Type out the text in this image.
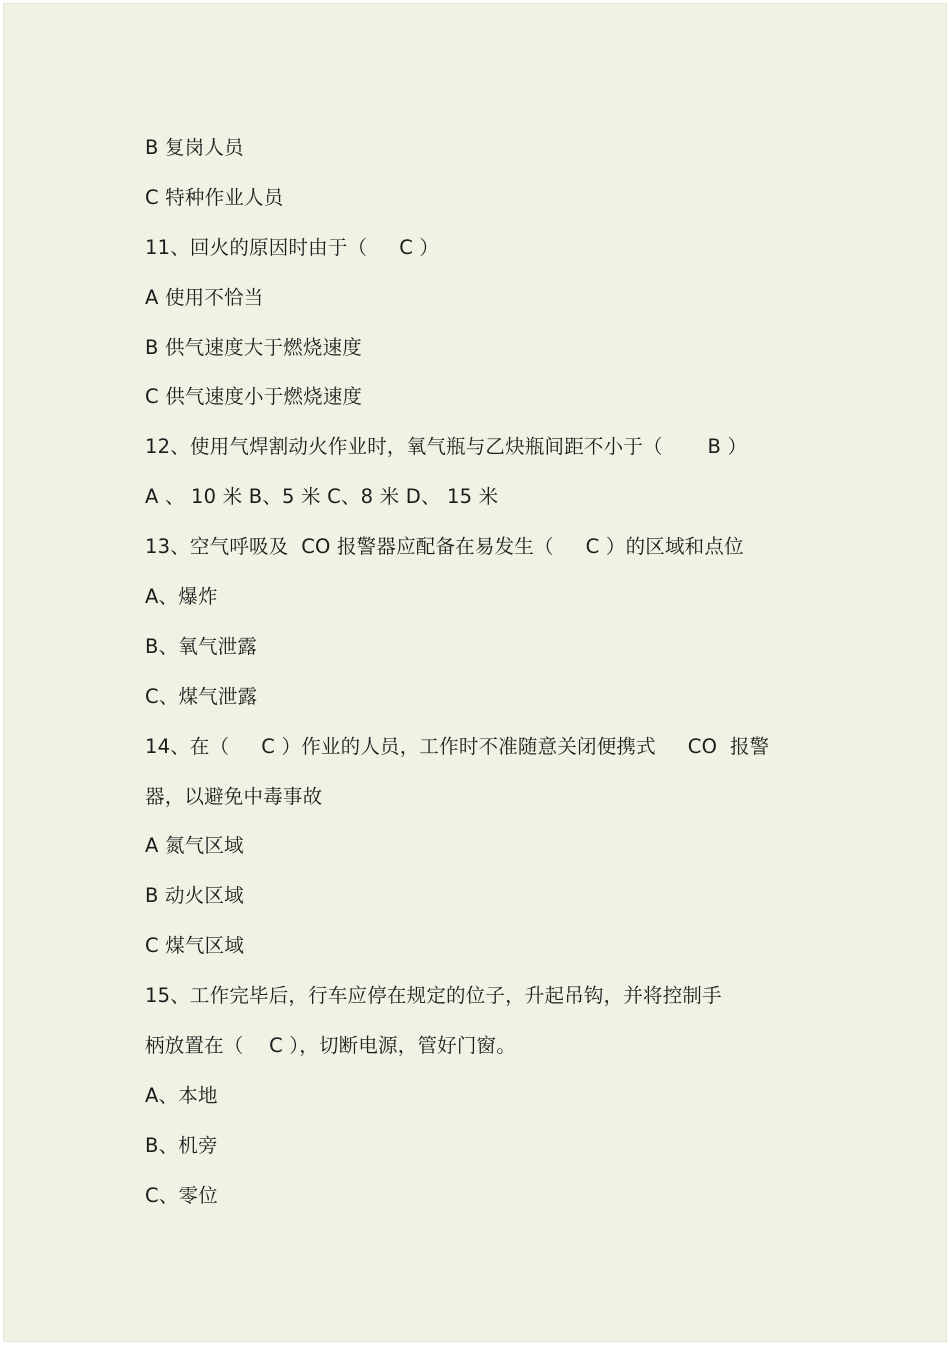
B 复岗人员
C 特种作业人员
11、回火的原因时由于（     C ）
A 使用不恰当
B 供气速度大于燃烧速度
C 供气速度小于燃烧速度
12、使用气焊割动火作业时，氧气瓶与乙炔瓶间距不小于（       B ）
A 、 10 米 B、5 米 C、8 米 D、 15 米
13、空气呼吸及  CO 报警器应配备在易发生（     C ）的区域和点位
A、爆炸
B、氧气泄露
C、煤气泄露
14、在（     C ）作业的人员，工作时不准随意关闭便携式     CO  报警
器，以避免中毒事故
A 氮气区域
B 动火区域
C 煤气区域
15、工作完毕后，行车应停在规定的位子，升起吊钩，并将控制手
柄放置在（    C ），切断电源，管好门窗。
A、本地
B、机旁
C、零位
